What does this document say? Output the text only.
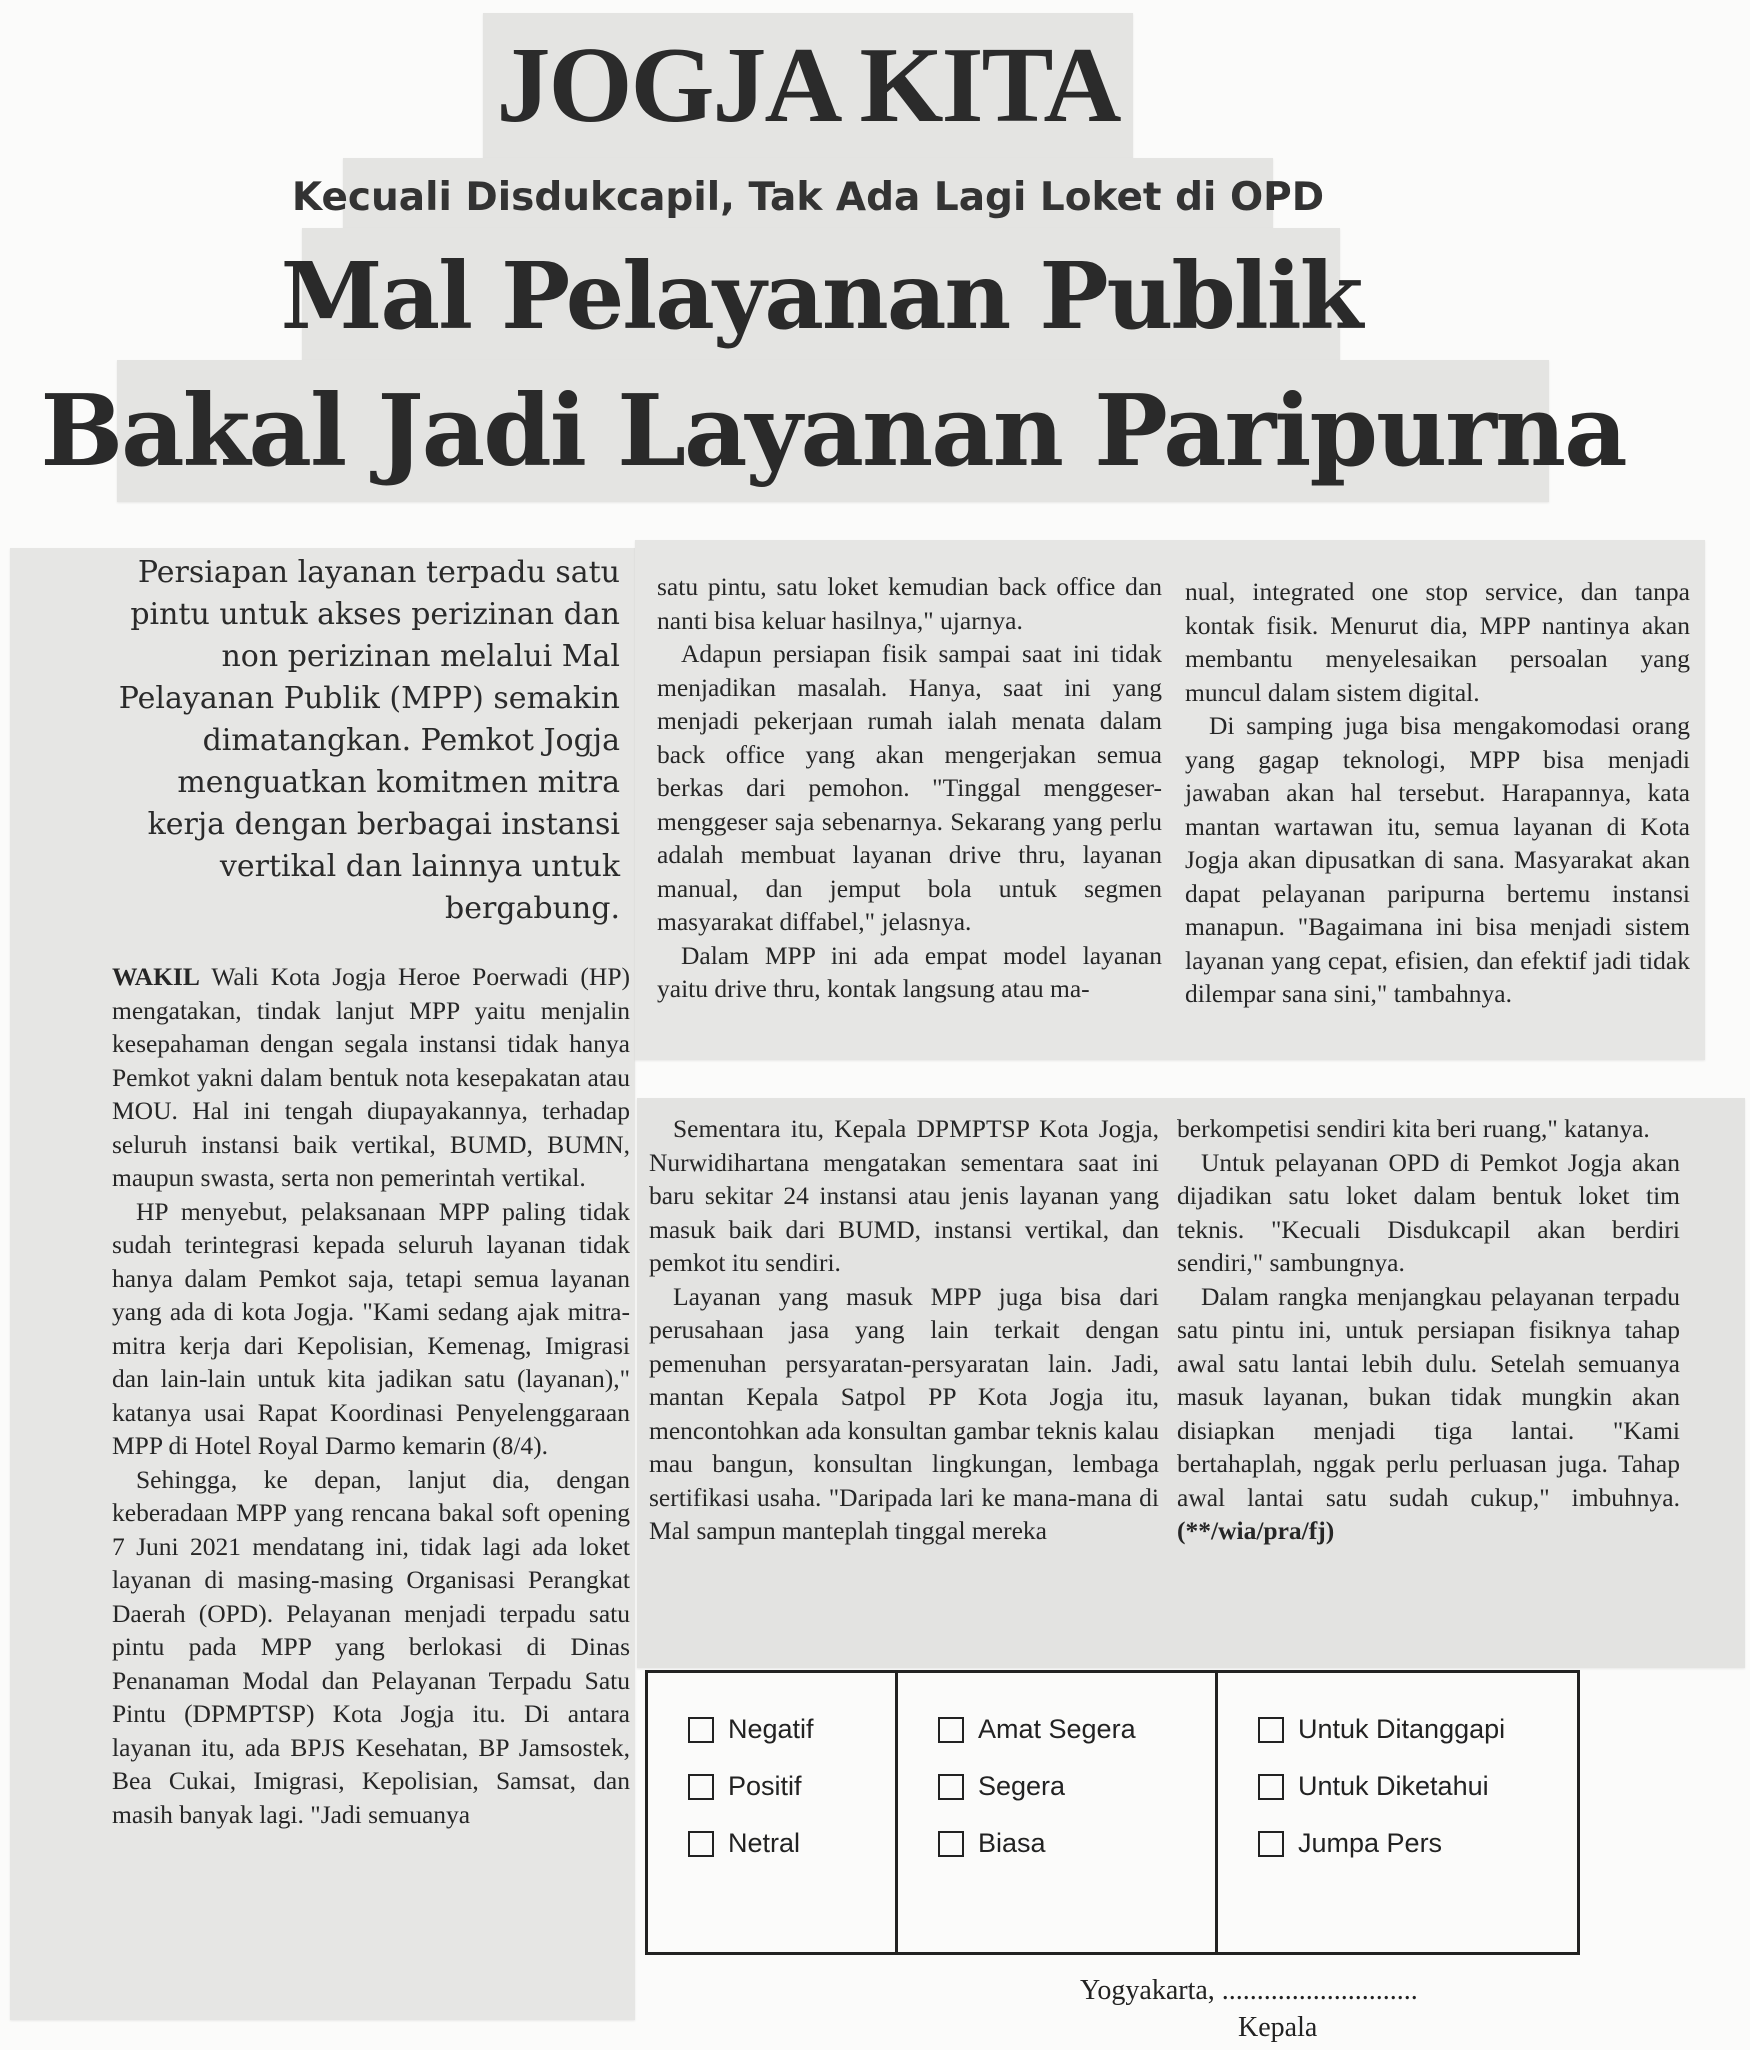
JOGJA KITA
Kecuali Disdukcapil, Tak Ada Lagi Loket di OPD
Mal Pelayanan Publik
Bakal Jadi Layanan Paripurna
Persiapan layanan terpadu satu pintu untuk akses perizinan dan non perizinan melalui Mal Pelayanan Publik (MPP) semakin dimatangkan. Pemkot Jogja menguatkan komitmen mitra kerja dengan berbagai instansi vertikal dan lainnya untuk bergabung.

WAKIL Wali Kota Jogja Heroe Poerwadi (HP) mengatakan, tindak lanjut MPP yaitu menjalin kesepahaman dengan segala instansi tidak hanya Pemkot yakni dalam bentuk nota kesepakatan atau MOU. Hal ini tengah diupayakannya, terhadap seluruh instansi baik vertikal, BUMD, BUMN, maupun swasta, serta non pemerintah vertikal.

HP menyebut, pelaksanaan MPP paling tidak sudah terintegrasi kepada seluruh layanan tidak hanya dalam Pemkot saja, tetapi semua layanan yang ada di kota Jogja. "Kami sedang ajak mitra-mitra kerja dari Kepolisian, Kemenag, Imigrasi dan lain-lain untuk kita jadikan satu (layanan)," katanya usai Rapat Koordinasi Penyelenggaraan MPP di Hotel Royal Darmo kemarin (8/4).

Sehingga, ke depan, lanjut dia, dengan keberadaan MPP yang rencana bakal soft opening 7 Juni 2021 mendatang ini, tidak lagi ada loket layanan di masing-masing Organisasi Perangkat Daerah (OPD). Pelayanan menjadi terpadu satu pintu pada MPP yang berlokasi di Dinas Penanaman Modal dan Pelayanan Terpadu Satu Pintu (DPMPTSP) Kota Jogja itu. Di antara layanan itu, ada BPJS Kesehatan, BP Jamsostek, Bea Cukai, Imigrasi, Kepolisian, Samsat, dan masih banyak lagi. "Jadi semuanya

satu pintu, satu loket kemudian back office dan nanti bisa keluar hasilnya," ujarnya.

Adapun persiapan fisik sampai saat ini tidak menjadikan masalah. Hanya, saat ini yang menjadi pekerjaan rumah ialah menata dalam back office yang akan mengerjakan semua berkas dari pemohon. "Tinggal menggeser-menggeser saja sebenarnya. Sekarang yang perlu adalah membuat layanan drive thru, layanan manual, dan jemput bola untuk segmen masyarakat diffabel," jelasnya.

Dalam MPP ini ada empat model layanan yaitu drive thru, kontak langsung atau ma-

nual, integrated one stop service, dan tanpa kontak fisik. Menurut dia, MPP nantinya akan membantu menyelesaikan persoalan yang muncul dalam sistem digital.

Di samping juga bisa mengakomodasi orang yang gagap teknologi, MPP bisa menjadi jawaban akan hal tersebut. Harapannya, kata mantan wartawan itu, semua layanan di Kota Jogja akan dipusatkan di sana. Masyarakat akan dapat pelayanan paripurna bertemu instansi manapun. "Bagaimana ini bisa menjadi sistem layanan yang cepat, efisien, dan efektif jadi tidak dilempar sana sini," tambahnya.

Sementara itu, Kepala DPMPTSP Kota Jogja, Nurwidihartana mengatakan sementara saat ini baru sekitar 24 instansi atau jenis layanan yang masuk baik dari BUMD, instansi vertikal, dan pemkot itu sendiri.

Layanan yang masuk MPP juga bisa dari perusahaan jasa yang lain terkait dengan pemenuhan persyaratan-persyaratan lain. Jadi, mantan Kepala Satpol PP Kota Jogja itu, mencontohkan ada konsultan gambar teknis kalau mau bangun, konsultan lingkungan, lembaga sertifikasi usaha. "Daripada lari ke mana-mana di Mal sampun manteplah tinggal mereka

berkompetisi sendiri kita beri ruang," katanya.

Untuk pelayanan OPD di Pemkot Jogja akan dijadikan satu loket dalam bentuk loket tim teknis. "Kecuali Disdukcapil akan berdiri sendiri," sambungnya.

Dalam rangka menjangkau pelayanan terpadu satu pintu ini, untuk persiapan fisiknya tahap awal satu lantai lebih dulu. Setelah semuanya masuk layanan, bukan tidak mungkin akan disiapkan menjadi tiga lantai. "Kami bertahaplah, nggak perlu perluasan juga. Tahap awal lantai satu sudah cukup," imbuhnya. (**/wia/pra/fj)

Negatif
Positif
Netral
Amat Segera
Segera
Biasa
Untuk Ditanggapi
Untuk Diketahui
Jumpa Pers
Yogyakarta, ............................
Kepala
